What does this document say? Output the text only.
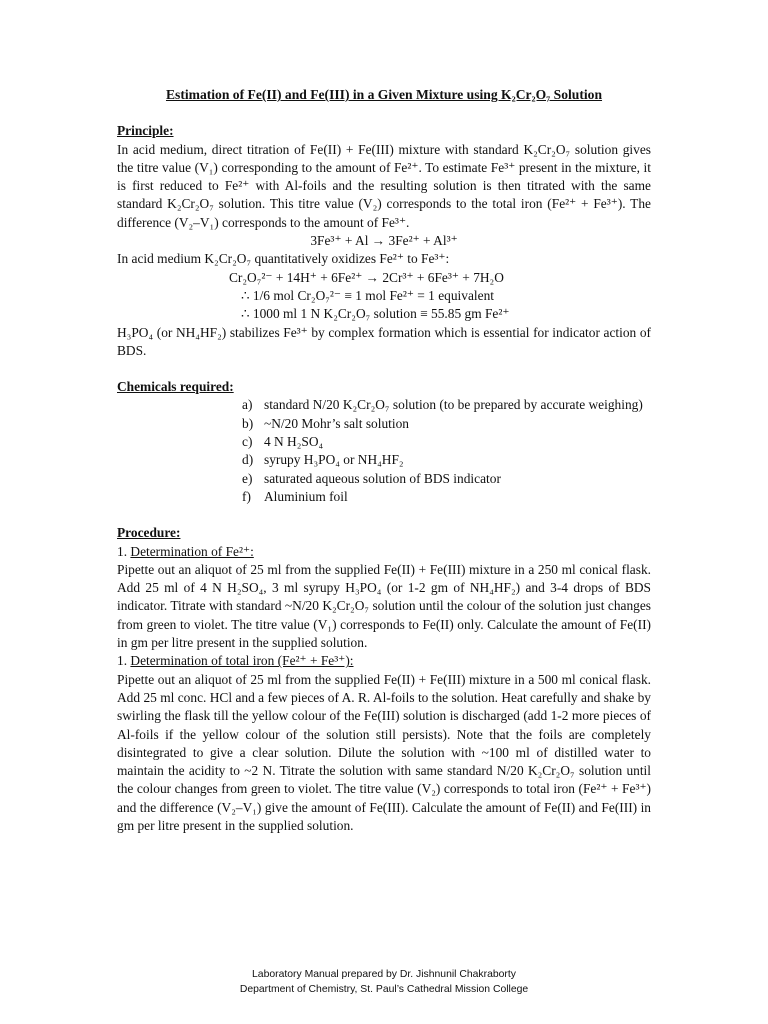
Estimation of Fe(II) and Fe(III) in a Given Mixture using K₂Cr₂O₇ Solution
Principle:

In acid medium, direct titration of Fe(II) + Fe(III) mixture with standard K₂Cr₂O₇ solution gives the titre value (V₁) corresponding to the amount of Fe²⁺. To estimate Fe³⁺ present in the mixture, it is first reduced to Fe²⁺ with Al-foils and the resulting solution is then titrated with the same standard K₂Cr₂O₇ solution. This titre value (V₂) corresponds to the total iron (Fe²⁺ + Fe³⁺). The difference (V₂–V₁) corresponds to the amount of Fe³⁺.

3Fe³⁺ + Al → 3Fe²⁺ + Al³⁺

In acid medium K₂Cr₂O₇ quantitatively oxidizes Fe²⁺ to Fe³⁺:

Cr₂O₇²⁻ + 14H⁺ + 6Fe²⁺ → 2Cr³⁺ + 6Fe³⁺ + 7H₂O
∴ 1/6 mol Cr₂O₇²⁻ ≡ 1 mol Fe²⁺ = 1 equivalent
∴ 1000 ml 1 N K₂Cr₂O₇ solution ≡ 55.85 gm Fe²⁺

H₃PO₄ (or NH₄HF₂) stabilizes Fe³⁺ by complex formation which is essential for indicator action of BDS.

Chemicals required:
a) standard N/20 K₂Cr₂O₇ solution (to be prepared by accurate weighing)
b) ~N/20 Mohr’s salt solution
c) 4 N H₂SO₄
d) syrupy H₃PO₄ or NH₄HF₂
e) saturated aqueous solution of BDS indicator
f) Aluminium foil
Procedure:
1. Determination of Fe²⁺:

Pipette out an aliquot of 25 ml from the supplied Fe(II) + Fe(III) mixture in a 250 ml conical flask. Add 25 ml of 4 N H₂SO₄, 3 ml syrupy H₃PO₄ (or 1-2 gm of NH₄HF₂) and 3-4 drops of BDS indicator. Titrate with standard ~N/20 K₂Cr₂O₇ solution until the colour of the solution just changes from green to violet. The titre value (V₁) corresponds to Fe(II) only. Calculate the amount of Fe(II) in gm per litre present in the supplied solution.

1. Determination of total iron (Fe²⁺ + Fe³⁺):

Pipette out an aliquot of 25 ml from the supplied Fe(II) + Fe(III) mixture in a 500 ml conical flask. Add 25 ml conc. HCl and a few pieces of A. R. Al-foils to the solution. Heat carefully and shake by swirling the flask till the yellow colour of the Fe(III) solution is discharged (add 1-2 more pieces of Al-foils if the yellow colour of the solution still persists). Note that the foils are completely disintegrated to give a clear solution. Dilute the solution with ~100 ml of distilled water to maintain the acidity to ~2 N. Titrate the solution with same standard N/20 K₂Cr₂O₇ solution until the colour changes from green to violet. The titre value (V₂) corresponds to total iron (Fe²⁺ + Fe³⁺) and the difference (V₂–V₁) give the amount of Fe(III). Calculate the amount of Fe(II) and Fe(III) in gm per litre present in the supplied solution.

Laboratory Manual prepared by Dr. Jishnunil Chakraborty
Department of Chemistry, St. Paul’s Cathedral Mission College
